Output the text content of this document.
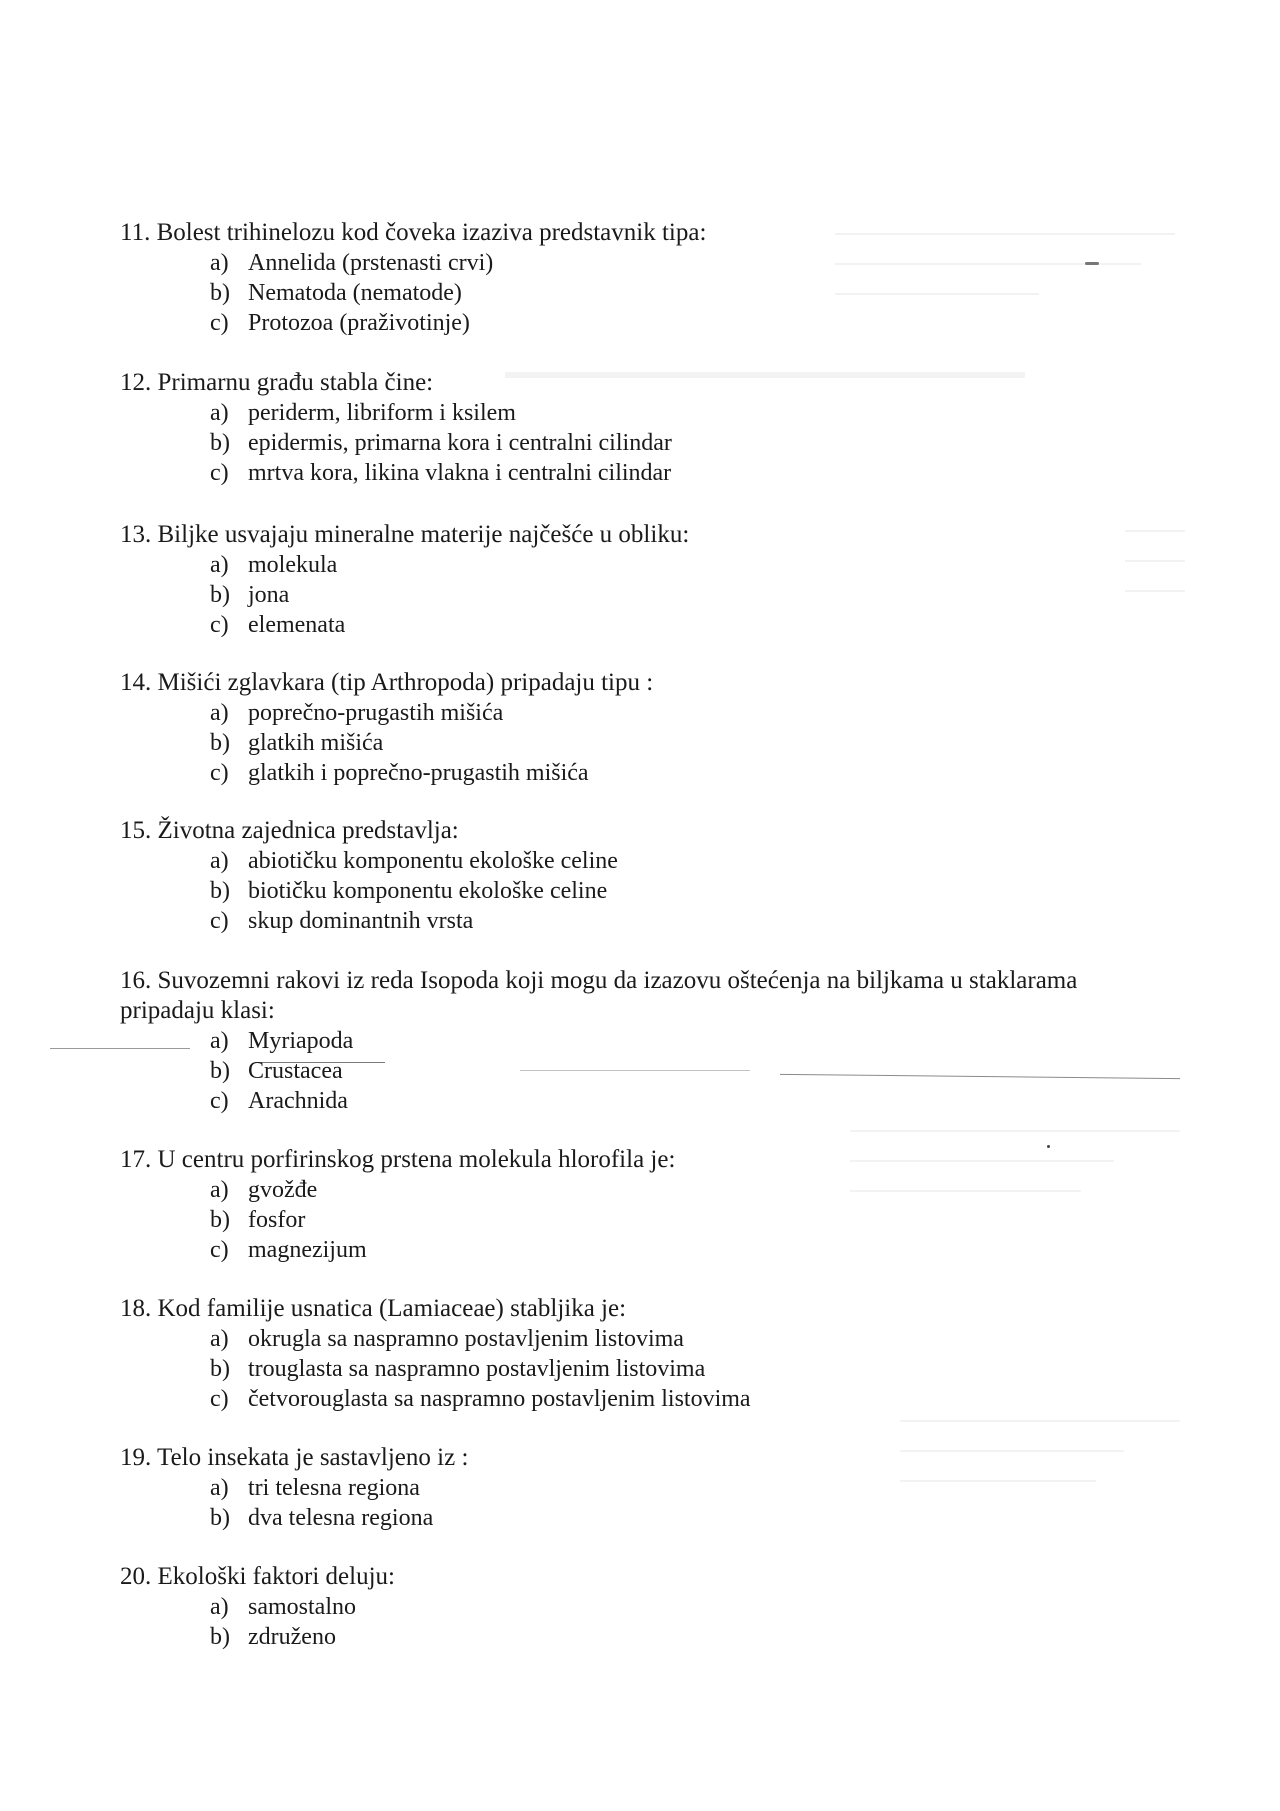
11. Bolest trihinelozu kod čoveka izaziva predstavnik tipa:
a) Annelida (prstenasti crvi)
b) Nematoda (nematode)
c) Protozoa (praživotinje)
12. Primarnu građu stabla čine:
a) periderm, libriform i ksilem
b) epidermis, primarna kora i centralni cilindar
c) mrtva kora, likina vlakna i centralni cilindar
13. Biljke usvajaju mineralne materije najčešće u obliku:
a) molekula
b) jona
c) elemenata
14. Mišići zglavkara (tip Arthropoda) pripadaju tipu :
a) poprečno-prugastih mišića
b) glatkih mišića
c) glatkih i poprečno-prugastih mišića
15. Životna zajednica predstavlja:
a) abiotičku komponentu ekološke celine
b) biotičku komponentu ekološke celine
c) skup dominantnih vrsta
16. Suvozemni rakovi iz reda Isopoda koji mogu da izazovu oštećenja na biljkama u staklarama pripadaju klasi:
a) Myriapoda
b) Crustacea
c) Arachnida
17. U centru porfirinskog prstena molekula hlorofila je:
a) gvožđe
b) fosfor
c) magnezijum
18. Kod familije usnatica (Lamiaceae) stabljika je:
a) okrugla sa naspramno postavljenim listovima
b) trouglasta sa naspramno postavljenim listovima
c) četvorouglasta sa naspramno postavljenim listovima
19. Telo insekata je sastavljeno iz :
a) tri telesna regiona
b) dva telesna regiona
20. Ekološki faktori deluju:
a) samostalno
b) združeno
